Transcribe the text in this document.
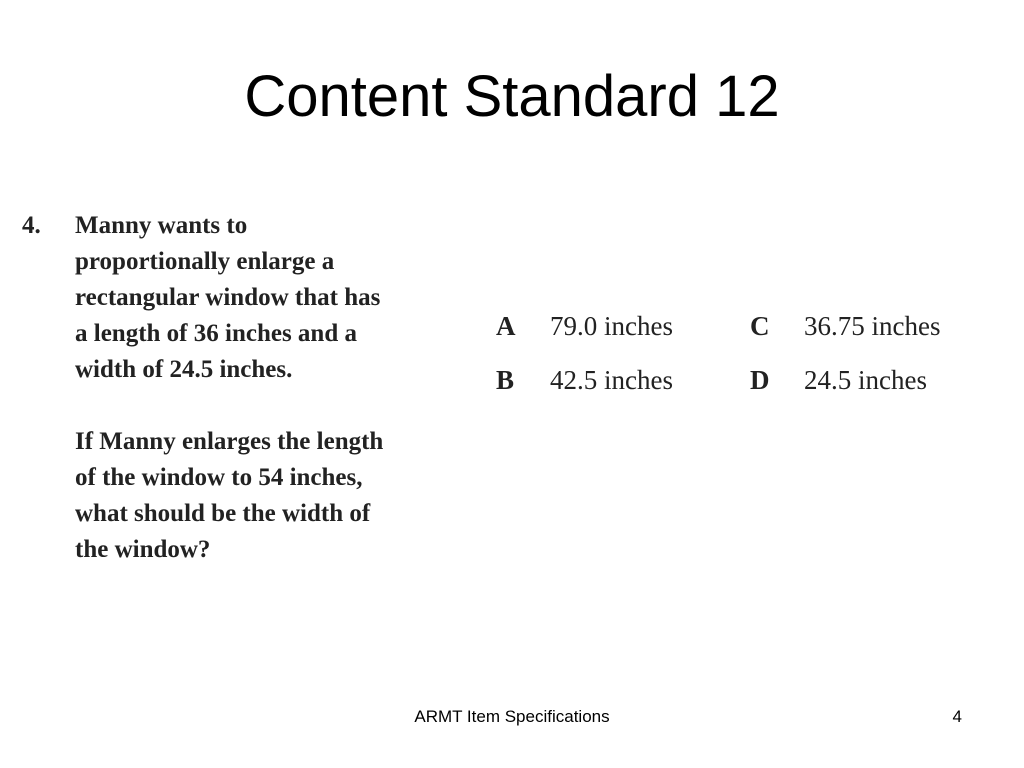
Content Standard 12
4. Manny wants to
proportionally enlarge a
rectangular window that has
a length of 36 inches and a
width of 24.5 inches.

If Manny enlarges the length
of the window to 54 inches,
what should be the width of
the window?

A 79.0 inches
B 42.5 inches
C 36.75 inches
D 24.5 inches
ARMT Item Specifications	4
